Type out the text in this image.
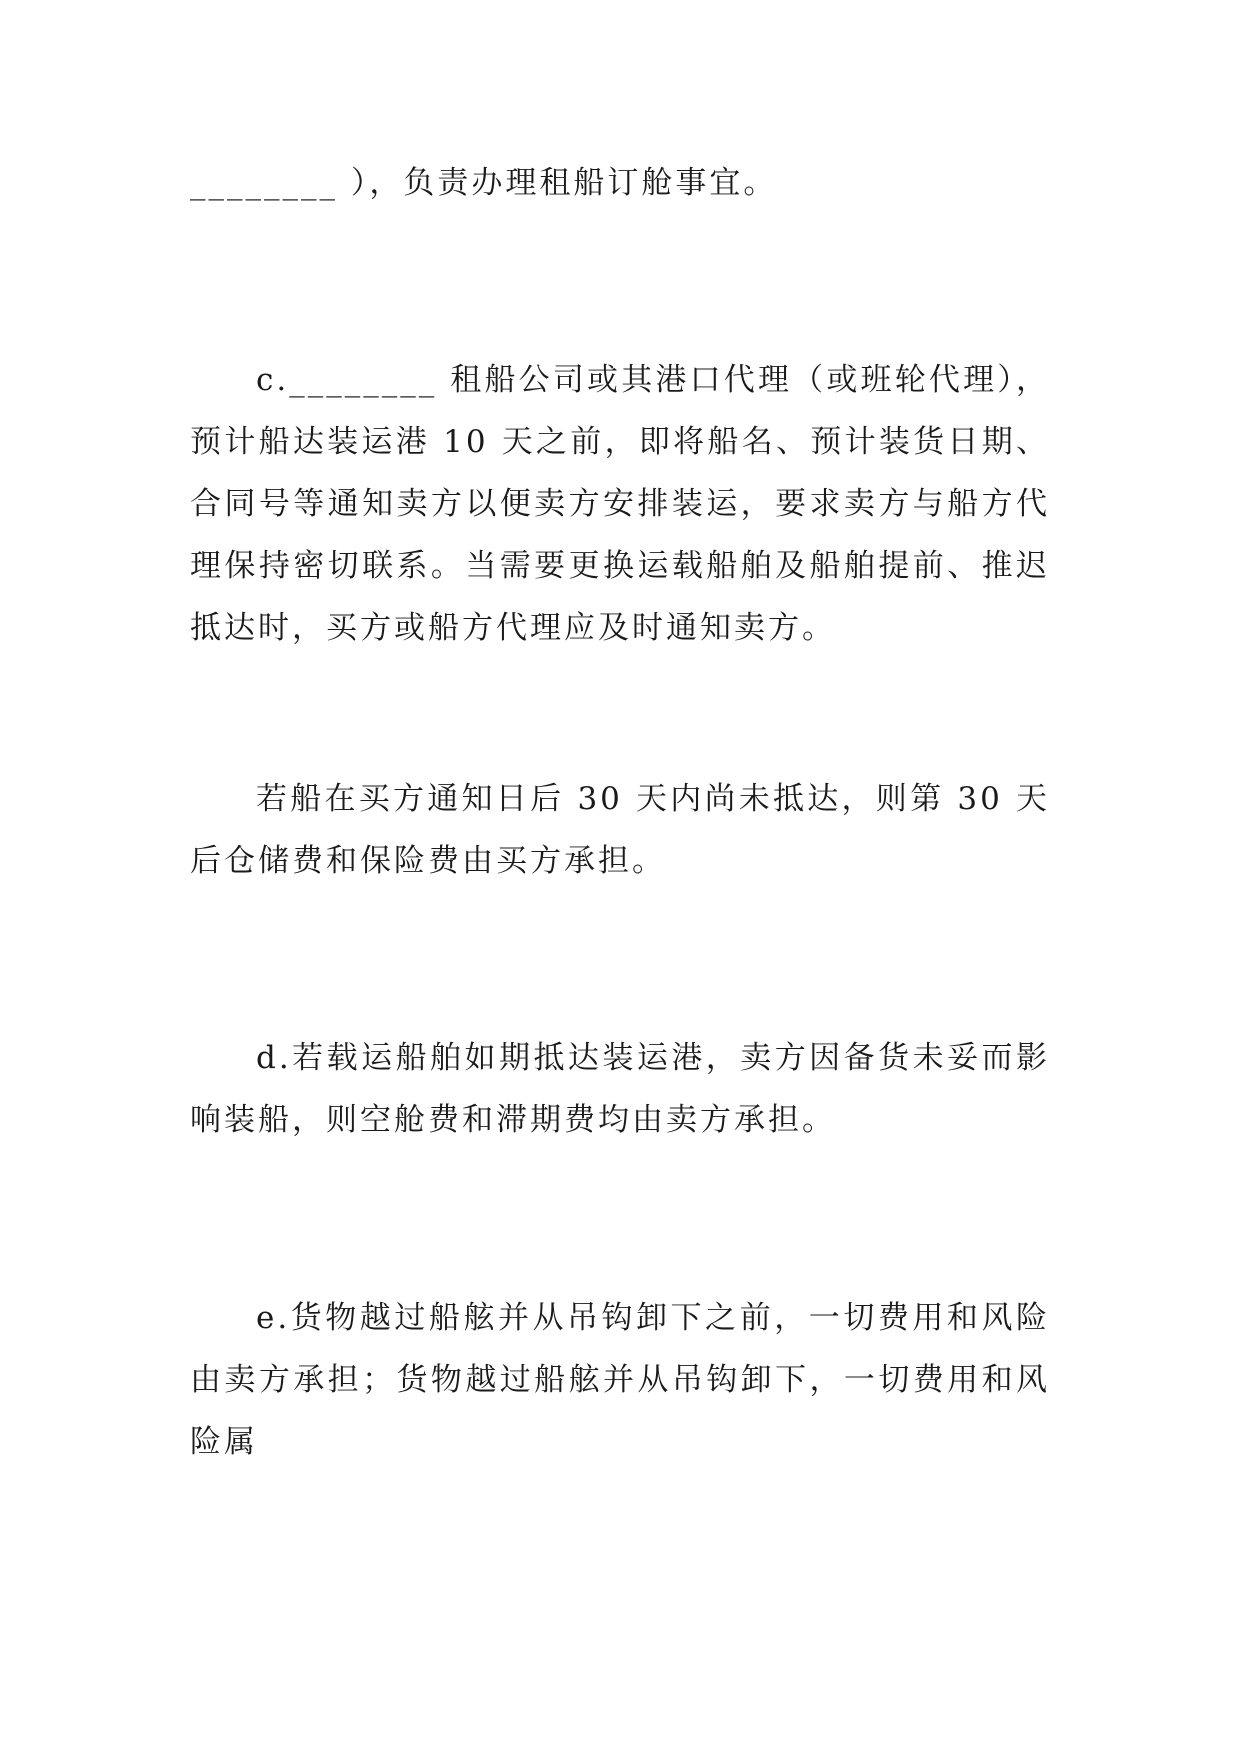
________ ），负责办理租船订舱事宜。

c.________ 租船公司或其港口代理（或班轮代理），预计船达装运港 10 天之前，即将船名、预计装货日期、合同号等通知卖方以便卖方安排装运，要求卖方与船方代理保持密切联系。当需要更换运载船舶及船舶提前、推迟抵达时，买方或船方代理应及时通知卖方。

若船在买方通知日后 30 天内尚未抵达，则第 30 天后仓储费和保险费由买方承担。

d.若载运船舶如期抵达装运港，卖方因备货未妥而影响装船，则空舱费和滞期费均由卖方承担。

e.货物越过船舷并从吊钩卸下之前，一切费用和风险由卖方承担；货物越过船舷并从吊钩卸下，一切费用和风险属
